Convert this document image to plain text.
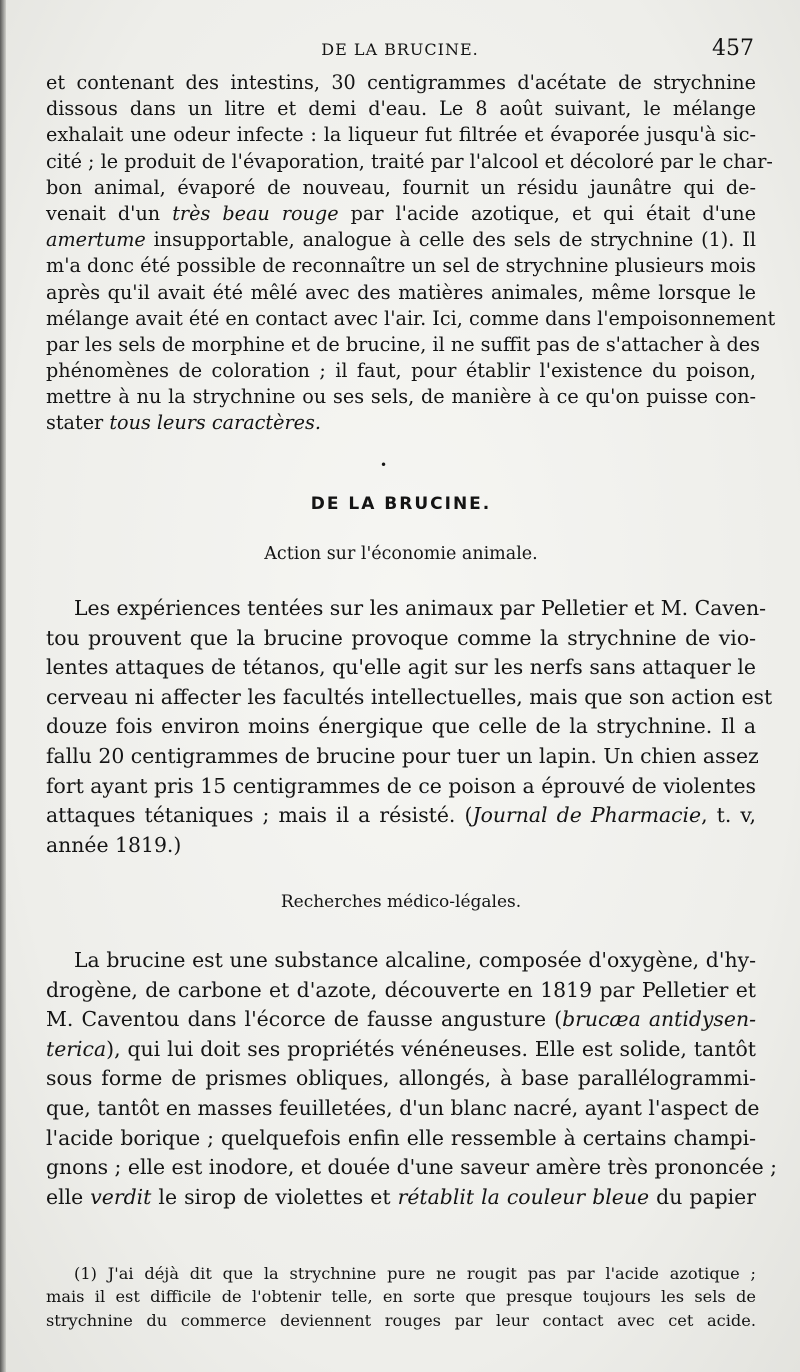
DE LA BRUCINE.	457
et contenant des intestins, 30 centigrammes d'acétate de strychnine
dissous dans un litre et demi d'eau. Le 8 août suivant, le mélange
exhalait une odeur infecte : la liqueur fut filtrée et évaporée jusqu'à sic-
cité ; le produit de l'évaporation, traité par l'alcool et décoloré par le char-
bon animal, évaporé de nouveau, fournit un résidu jaunâtre qui de-
venait d'un très beau rouge par l'acide azotique, et qui était d'une
amertume insupportable, analogue à celle des sels de strychnine (1). Il
m'a donc été possible de reconnaître un sel de strychnine plusieurs mois
après qu'il avait été mêlé avec des matières animales, même lorsque le
mélange avait été en contact avec l'air. Ici, comme dans l'empoisonnement
par les sels de morphine et de brucine, il ne suffit pas de s'attacher à des
phénomènes de coloration ; il faut, pour établir l'existence du poison,
mettre à nu la strychnine ou ses sels, de manière à ce qu'on puisse con-
stater tous leurs caractères.
•
DE LA BRUCINE.
Action sur l'économie animale.
Les expériences tentées sur les animaux par Pelletier et M. Caven-
tou prouvent que la brucine provoque comme la strychnine de vio-
lentes attaques de tétanos, qu'elle agit sur les nerfs sans attaquer le
cerveau ni affecter les facultés intellectuelles, mais que son action est
douze fois environ moins énergique que celle de la strychnine. Il a
fallu 20 centigrammes de brucine pour tuer un lapin. Un chien assez
fort ayant pris 15 centigrammes de ce poison a éprouvé de violentes
attaques tétaniques ; mais il a résisté. (Journal de Pharmacie, t. v,
année 1819.)
Recherches médico-légales.
La brucine est une substance alcaline, composée d'oxygène, d'hy-
drogène, de carbone et d'azote, découverte en 1819 par Pelletier et
M. Caventou dans l'écorce de fausse angusture (brucæa antidysen-
terica), qui lui doit ses propriétés vénéneuses. Elle est solide, tantôt
sous forme de prismes obliques, allongés, à base parallélogrammi-
que, tantôt en masses feuilletées, d'un blanc nacré, ayant l'aspect de
l'acide borique ; quelquefois enfin elle ressemble à certains champi-
gnons ; elle est inodore, et douée d'une saveur amère très prononcée ;
elle verdit le sirop de violettes et rétablit la couleur bleue du papier
(1) J'ai déjà dit que la strychnine pure ne rougit pas par l'acide azotique ;
mais il est difficile de l'obtenir telle, en sorte que presque toujours les sels de
strychnine du commerce deviennent rouges par leur contact avec cet acide.
